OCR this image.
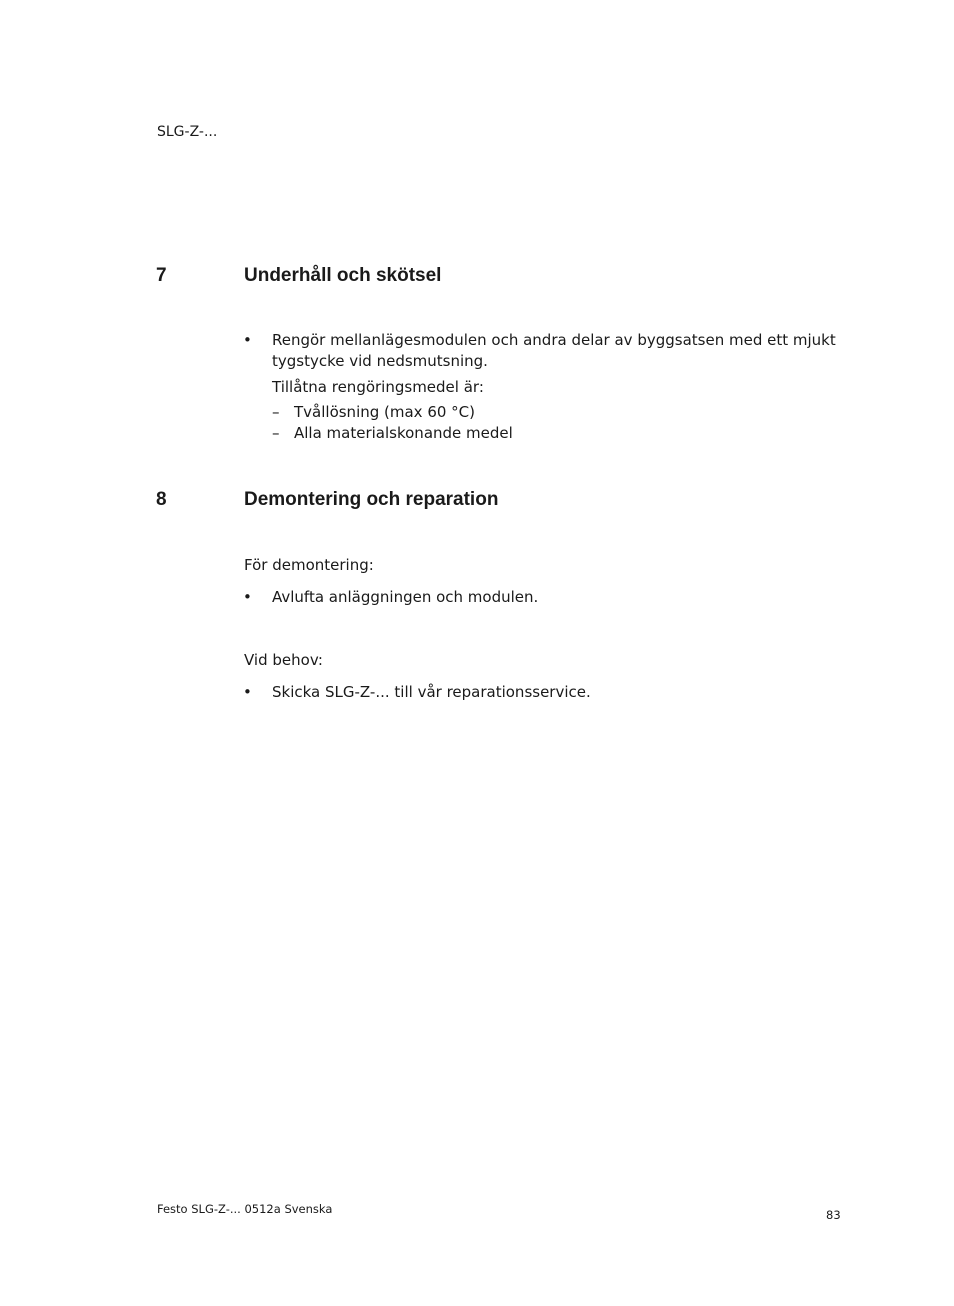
SLG-Z-...
7	Underhåll och skötsel
• Rengör mellanlägesmodulen och andra delar av byggsatsen med ett mjukt
tygstycke vid nedsmutsning.
Tillåtna rengöringsmedel är:
– Tvållösning (max 60 °C)
– Alla materialskonande medel
8	Demontering och reparation
För demontering:
• Avlufta anläggningen och modulen.
Vid behov:
• Skicka SLG-Z-... till vår reparationsservice.
Festo SLG-Z-... 0512a Svenska	83
